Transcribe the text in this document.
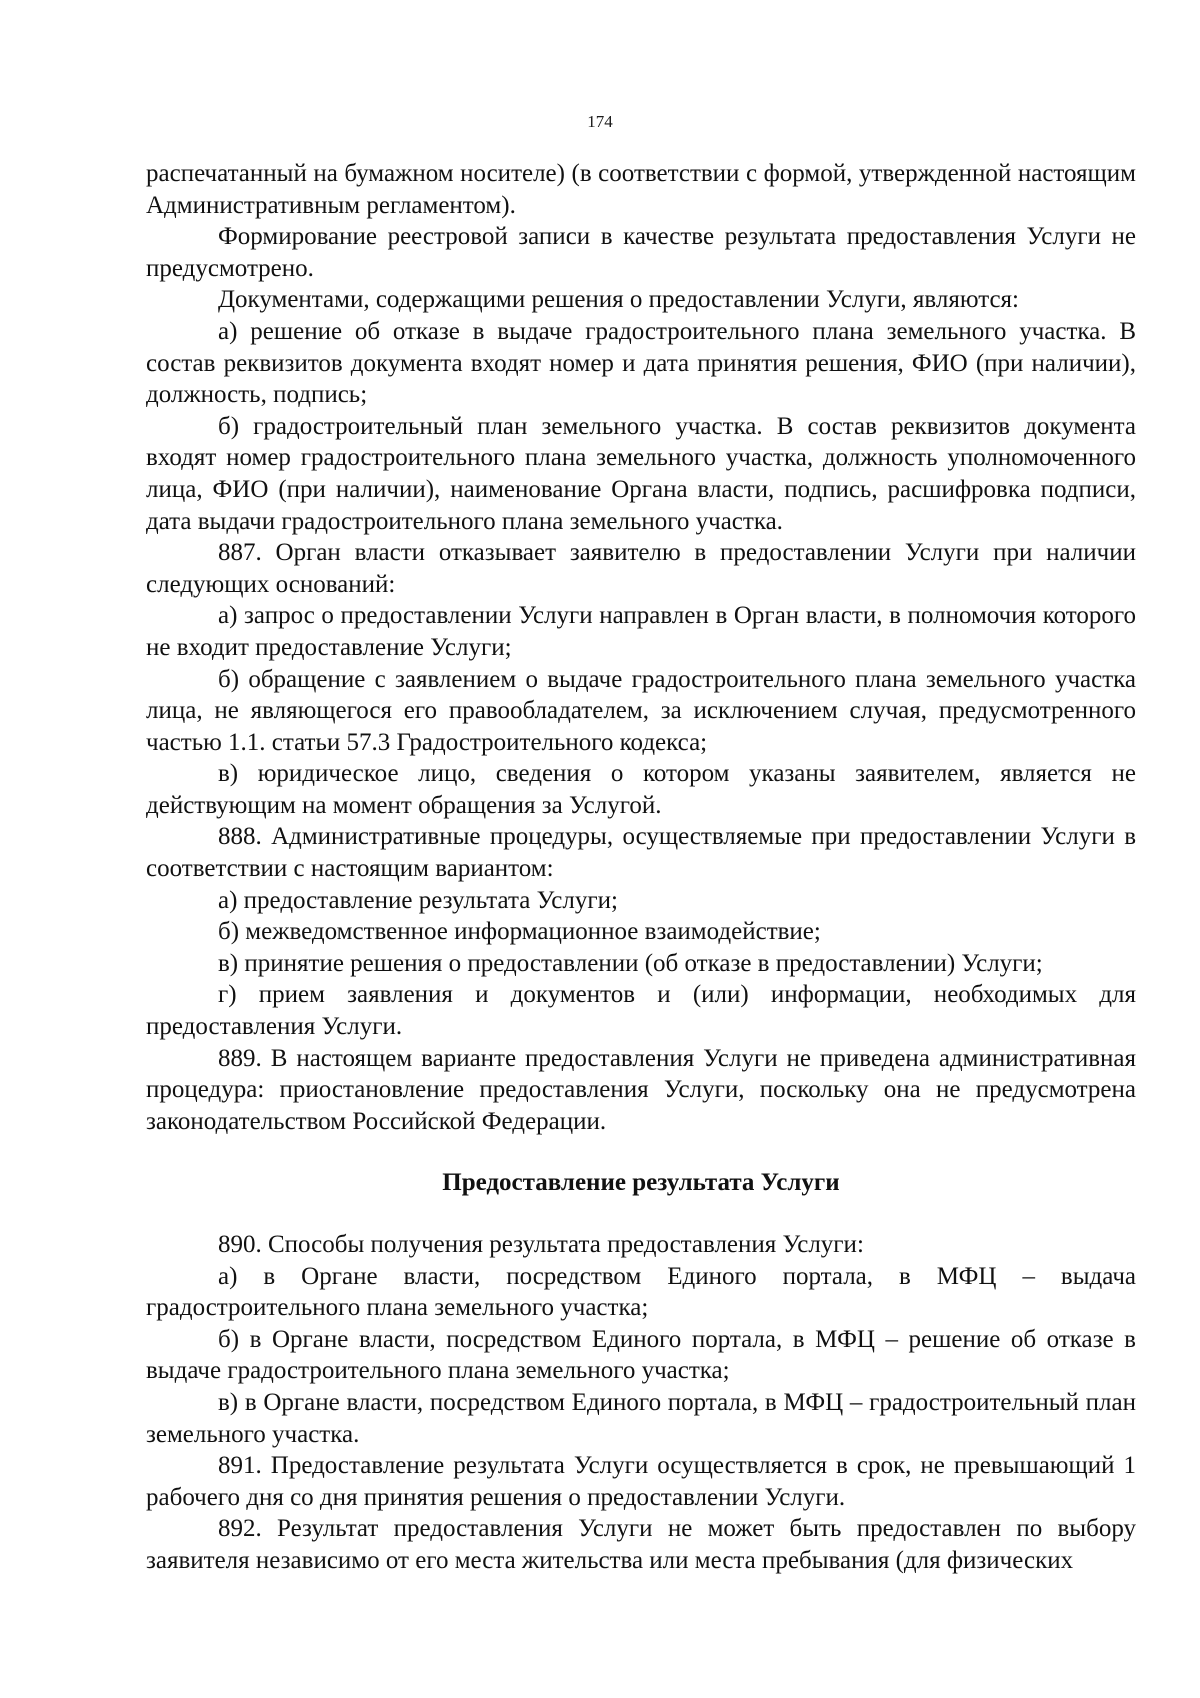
174

распечатанный на бумажном носителе) (в соответствии с формой, утвержденной настоящим Административным регламентом).

Формирование реестровой записи в качестве результата предоставления Услуги не предусмотрено.

Документами, содержащими решения о предоставлении Услуги, являются:

а) решение об отказе в выдаче градостроительного плана земельного участка. В состав реквизитов документа входят номер и дата принятия решения, ФИО (при наличии), должность, подпись;

б) градостроительный план земельного участка. В состав реквизитов документа входят номер градостроительного плана земельного участка, должность уполномоченного лица, ФИО (при наличии), наименование Органа власти, подпись, расшифровка подписи, дата выдачи градостроительного плана земельного участка.

887. Орган власти отказывает заявителю в предоставлении Услуги при наличии следующих оснований:

а) запрос о предоставлении Услуги направлен в Орган власти, в полномочия которого не входит предоставление Услуги;

б) обращение с заявлением о выдаче градостроительного плана земельного участка лица, не являющегося его правообладателем, за исключением случая, предусмотренного частью 1.1. статьи 57.3 Градостроительного кодекса;

в) юридическое лицо, сведения о котором указаны заявителем, является не действующим на момент обращения за Услугой.

888. Административные процедуры, осуществляемые при предоставлении Услуги в соответствии с настоящим вариантом:

а) предоставление результата Услуги;

б) межведомственное информационное взаимодействие;

в) принятие решения о предоставлении (об отказе в предоставлении) Услуги;

г) прием заявления и документов и (или) информации, необходимых для предоставления Услуги.

889. В настоящем варианте предоставления Услуги не приведена административная процедура: приостановление предоставления Услуги, поскольку она не предусмотрена законодательством Российской Федерации.

Предоставление результата Услуги

890. Способы получения результата предоставления Услуги:

а) в Органе власти, посредством Единого портала, в МФЦ – выдача градостроительного плана земельного участка;

б) в Органе власти, посредством Единого портала, в МФЦ – решение об отказе в выдаче градостроительного плана земельного участка;

в) в Органе власти, посредством Единого портала, в МФЦ – градостроительный план земельного участка.

891. Предоставление результата Услуги осуществляется в срок, не превышающий 1 рабочего дня со дня принятия решения о предоставлении Услуги.

892. Результат предоставления Услуги не может быть предоставлен по выбору заявителя независимо от его места жительства или места пребывания (для физических
